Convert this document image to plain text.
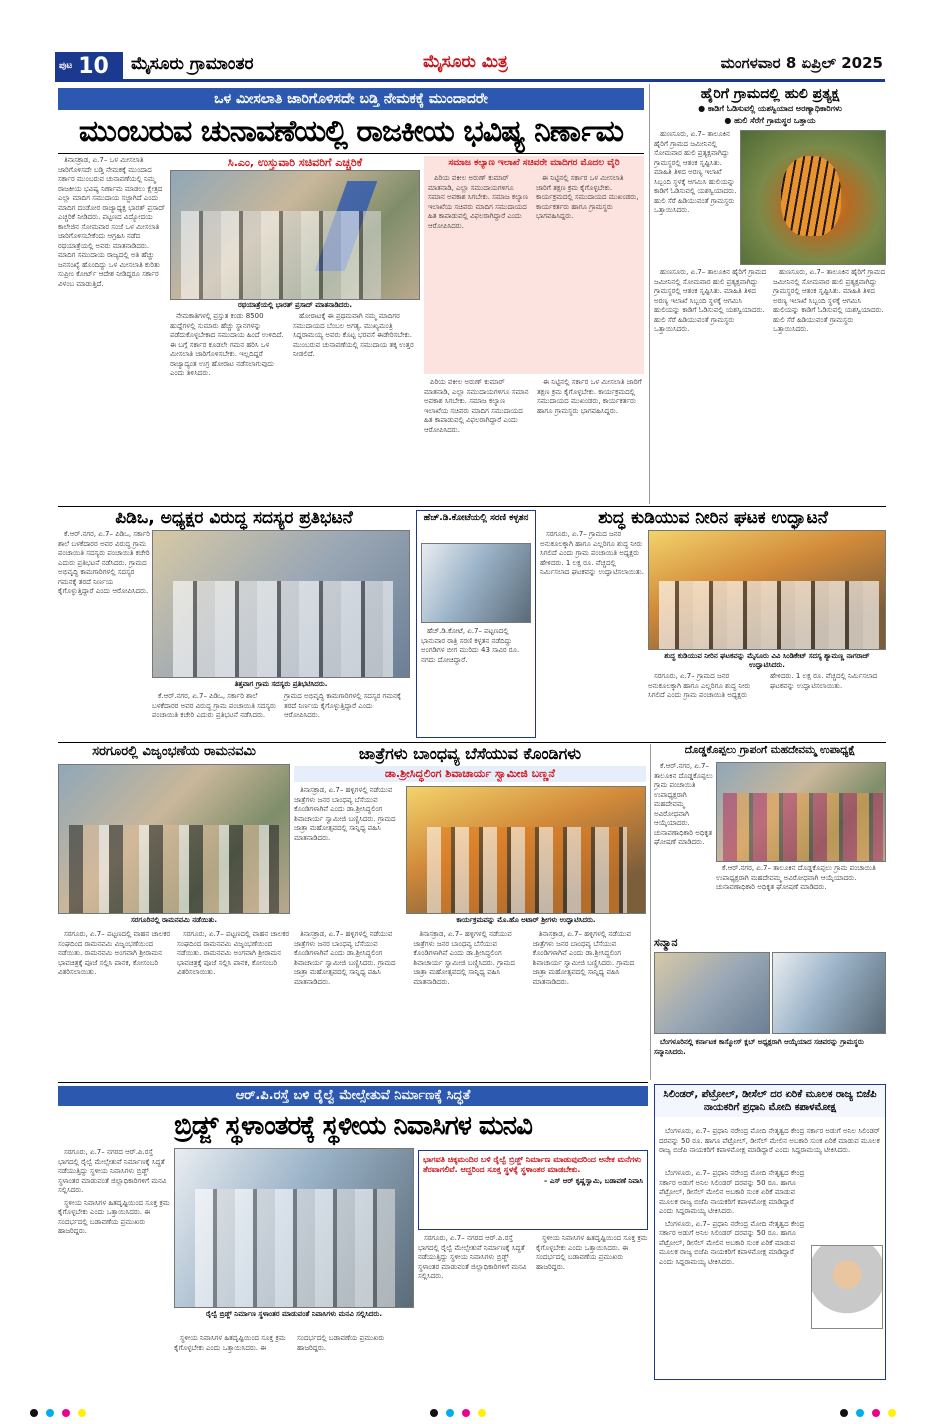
ಪುಟ 10 ಮೈಸೂರು ಗ್ರಾಮಾಂತರ	ಮೈಸೂರು ಮಿತ್ರ	ಮಂಗಳವಾರ 8 ಏಪ್ರಿಲ್ 2025
ಒಳ ಮೀಸಲಾತಿ ಜಾರಿಗೊಳಿಸದೇ ಬಡ್ತಿ ನೇಮಕಕ್ಕೆ ಮುಂದಾದರೇ
ಮುಂಬರುವ ಚುನಾವಣೆಯಲ್ಲಿ ರಾಜಕೀಯ ಭವಿಷ್ಯ ನಿರ್ಣಾಮ

ತಿನಾಸಕ್ರಾಡ, ಏ.7– ಒಳ ಮೀಸಲಾತಿ ಜಾರಿಗೊಳಿಸದೇ ಬಡ್ತಿ ನೇಮಕಕ್ಕೆ ಮುಂದಾದ ಸರ್ಕಾರ ಮುಂಬರುವ ಚುನಾವಣೆಯಲ್ಲಿ ನಿಮ್ಮ ರಾಜಕೀಯ ಭವಿಷ್ಯ ನಿರ್ಣಾಮ ಮಾಡಲು ಕ್ಷೇತ್ರದ ಎಲ್ಲಾ ಮಾದಿಗ ಸಮುದಾಯ ಸಜ್ಜಾಗಿದೆ ಎಂದು ಮಾದಿಗ ದಂಡೋರ ರಾಜ್ಯಾಧ್ಯಕ್ಷ ಭಾರತ್ ಪ್ರಸಾದ್ ಎಚ್ಚರಿಕೆ ನೀಡಿದರು. ಪಟ್ಟಣದ ವಿದ್ಯೋದಯ ಕಾಲೇಜಿನ ಸೋಮವಾರ ಸಂಜೆ ಒಳ ಮೀಸಲಾತಿ ಜಾರಿಗೊಳಿಸಬೇಕೆಂದು ಆಗ್ರಹಿಸಿ ನಡೆದ ರಥಯಾತ್ರೆಯಲ್ಲಿ ಅವರು ಮಾತನಾಡಿದರು. ಮಾದಿಗ ಸಮುದಾಯ ರಾಜ್ಯದಲ್ಲಿ ಅತಿ ಹೆಚ್ಚು ಜನಸಂಖ್ಯೆ ಹೊಂದಿದ್ದು ಒಳ ಮೀಸಲಾತಿ ಕುರಿತು ಸುಪ್ರೀಂ ಕೋರ್ಟ್ ಆದೇಶ ನೀಡಿದ್ದರೂ ಸರ್ಕಾರ ವಿಳಂಬ ಮಾಡುತ್ತಿದೆ.

ಸಿ.ಎಂ, ಉಸ್ತುವಾರಿ ಸಚಿವರಿಗೆ ಎಚ್ಚರಿಕೆ
ರಥಯಾತ್ರೆಯಲ್ಲಿ ಭಾರತ್ ಪ್ರಸಾದ್ ಮಾತನಾಡಿದರು.

ನೇಮಕಾತಿಗಳಲ್ಲಿ ಪ್ರಸ್ತುತ ಕಂಡು 8500 ಹುದ್ದೆಗಳಲ್ಲಿ ಸುಮಾರು ಹೆಚ್ಚು ಸ್ಥಾನಗಳನ್ನು ಪಡೆದುಕೊಳ್ಳಬೇಕಾದ ಸಮುದಾಯ ಹಿಂದೆ ಉಳಿದಿದೆ. ಈ ಬಗ್ಗೆ ಸರ್ಕಾರ ಕೂಡಲೇ ಗಮನ ಹರಿಸಿ ಒಳ ಮೀಸಲಾತಿ ಜಾರಿಗೊಳಿಸಬೇಕು. ಇಲ್ಲದಿದ್ದರೆ ರಾಜ್ಯಾದ್ಯಂತ ಉಗ್ರ ಹೋರಾಟ ನಡೆಸಲಾಗುವುದು ಎಂದು ತಿಳಿಸಿದರು.

ಹೋರಾಟಕ್ಕೆ ಈ ಪ್ರಥಮವಾಗಿ ನಮ್ಮ ಮಾದಿಗರ ಸಮುದಾಯದ ಬೆಂಬಲ ಅಗತ್ಯ. ಮುಖ್ಯಮಂತ್ರಿ ಸಿದ್ದರಾಮಯ್ಯ ಅವರು ಕೊಟ್ಟ ಭರವಸೆ ಈಡೇರಿಸಬೇಕು. ಮುಂಬರುವ ಚುನಾವಣೆಯಲ್ಲಿ ಸಮುದಾಯ ತಕ್ಕ ಉತ್ತರ ನೀಡಲಿದೆ.

ಸಮಾಜ ಕಲ್ಯಾಣ ಇಲಾಖೆ ಸಚಿವರೇ ಮಾದಿಗರ ಮೊದಲ ವೈರಿ

ಪಿರಿಯ ವಕೀಲ ಅರುಣ್ ಕುಮಾರ್ ಮಾತನಾಡಿ, ಎಲ್ಲಾ ಸಮುದಾಯಗಳಿಗೂ ಸಮಾನ ಅವಕಾಶ ಸಿಗಬೇಕು. ಸಮಾಜ ಕಲ್ಯಾಣ ಇಲಾಖೆಯ ಸಚಿವರು ಮಾದಿಗ ಸಮುದಾಯದ ಹಿತ ಕಾಪಾಡುವಲ್ಲಿ ವಿಫಲರಾಗಿದ್ದಾರೆ ಎಂದು ಆರೋಪಿಸಿದರು.

ಈ ನಿಟ್ಟಿನಲ್ಲಿ ಸರ್ಕಾರ ಒಳ ಮೀಸಲಾತಿ ಜಾರಿಗೆ ತಕ್ಷಣ ಕ್ರಮ ಕೈಗೊಳ್ಳಬೇಕು. ಕಾರ್ಯಕ್ರಮದಲ್ಲಿ ಸಮುದಾಯದ ಮುಖಂಡರು, ಕಾರ್ಯಕರ್ತರು ಹಾಗೂ ಗ್ರಾಮಸ್ಥರು ಭಾಗವಹಿಸಿದ್ದರು.

ಪಿರಿಯ ವಕೀಲ ಅರುಣ್ ಕುಮಾರ್ ಮಾತನಾಡಿ, ಎಲ್ಲಾ ಸಮುದಾಯಗಳಿಗೂ ಸಮಾನ ಅವಕಾಶ ಸಿಗಬೇಕು. ಸಮಾಜ ಕಲ್ಯಾಣ ಇಲಾಖೆಯ ಸಚಿವರು ಮಾದಿಗ ಸಮುದಾಯದ ಹಿತ ಕಾಪಾಡುವಲ್ಲಿ ವಿಫಲರಾಗಿದ್ದಾರೆ ಎಂದು ಆರೋಪಿಸಿದರು.

ಈ ನಿಟ್ಟಿನಲ್ಲಿ ಸರ್ಕಾರ ಒಳ ಮೀಸಲಾತಿ ಜಾರಿಗೆ ತಕ್ಷಣ ಕ್ರಮ ಕೈಗೊಳ್ಳಬೇಕು. ಕಾರ್ಯಕ್ರಮದಲ್ಲಿ ಸಮುದಾಯದ ಮುಖಂಡರು, ಕಾರ್ಯಕರ್ತರು ಹಾಗೂ ಗ್ರಾಮಸ್ಥರು ಭಾಗವಹಿಸಿದ್ದರು.

ಹೈರಿಗೆ ಗ್ರಾಮದಲ್ಲಿ ಹುಲಿ ಪ್ರತ್ಯಕ್ಷ
● ಕಾಡಿಗೆ ಓಡಿಸುವಲ್ಲಿ ಯಶಸ್ವಿಯಾದ ಅರಣ್ಯಾಧಿಕಾರಿಗಳು
● ಹುಲಿ ಸೆರೆಗೆ ಗ್ರಾಮಸ್ಥರ ಒತ್ತಾಯ

ಹುಣಸೂರು, ಏ.7– ತಾಲೂಕಿನ ಹೈರಿಗೆ ಗ್ರಾಮದ ಜಮೀನಿನಲ್ಲಿ ಸೋಮವಾರ ಹುಲಿ ಪ್ರತ್ಯಕ್ಷವಾಗಿದ್ದು ಗ್ರಾಮಸ್ಥರಲ್ಲಿ ಆತಂಕ ಸೃಷ್ಟಿಸಿತು. ಮಾಹಿತಿ ತಿಳಿದ ಅರಣ್ಯ ಇಲಾಖೆ ಸಿಬ್ಬಂದಿ ಸ್ಥಳಕ್ಕೆ ಆಗಮಿಸಿ ಹುಲಿಯನ್ನು ಕಾಡಿಗೆ ಓಡಿಸುವಲ್ಲಿ ಯಶಸ್ವಿಯಾದರು. ಹುಲಿ ಸೆರೆ ಹಿಡಿಯುವಂತೆ ಗ್ರಾಮಸ್ಥರು ಒತ್ತಾಯಿಸಿದರು.

ಹುಣಸೂರು, ಏ.7– ತಾಲೂಕಿನ ಹೈರಿಗೆ ಗ್ರಾಮದ ಜಮೀನಿನಲ್ಲಿ ಸೋಮವಾರ ಹುಲಿ ಪ್ರತ್ಯಕ್ಷವಾಗಿದ್ದು ಗ್ರಾಮಸ್ಥರಲ್ಲಿ ಆತಂಕ ಸೃಷ್ಟಿಸಿತು. ಮಾಹಿತಿ ತಿಳಿದ ಅರಣ್ಯ ಇಲಾಖೆ ಸಿಬ್ಬಂದಿ ಸ್ಥಳಕ್ಕೆ ಆಗಮಿಸಿ ಹುಲಿಯನ್ನು ಕಾಡಿಗೆ ಓಡಿಸುವಲ್ಲಿ ಯಶಸ್ವಿಯಾದರು. ಹುಲಿ ಸೆರೆ ಹಿಡಿಯುವಂತೆ ಗ್ರಾಮಸ್ಥರು ಒತ್ತಾಯಿಸಿದರು.

ಹುಣಸೂರು, ಏ.7– ತಾಲೂಕಿನ ಹೈರಿಗೆ ಗ್ರಾಮದ ಜಮೀನಿನಲ್ಲಿ ಸೋಮವಾರ ಹುಲಿ ಪ್ರತ್ಯಕ್ಷವಾಗಿದ್ದು ಗ್ರಾಮಸ್ಥರಲ್ಲಿ ಆತಂಕ ಸೃಷ್ಟಿಸಿತು. ಮಾಹಿತಿ ತಿಳಿದ ಅರಣ್ಯ ಇಲಾಖೆ ಸಿಬ್ಬಂದಿ ಸ್ಥಳಕ್ಕೆ ಆಗಮಿಸಿ ಹುಲಿಯನ್ನು ಕಾಡಿಗೆ ಓಡಿಸುವಲ್ಲಿ ಯಶಸ್ವಿಯಾದರು. ಹುಲಿ ಸೆರೆ ಹಿಡಿಯುವಂತೆ ಗ್ರಾಮಸ್ಥರು ಒತ್ತಾಯಿಸಿದರು.

ಪಿಡಿಒ, ಅಧ್ಯಕ್ಷರ ವಿರುದ್ಧ ಸದಸ್ಯರ ಪ್ರತಿಭಟನೆ

ಕೆ.ಆರ್.ನಗರ, ಏ.7– ಪಿಡಿಒ, ಸರ್ಕಾರಿ ಶಾಲೆ ಬಳಕೆದಾರರ ಅವರ ವಿರುದ್ಧ ಗ್ರಾಮ ಪಂಚಾಯಿತಿ ಸದಸ್ಯರು ಪಂಚಾಯಿತಿ ಕಚೇರಿ ಎದುರು ಪ್ರತಿಭಟನೆ ನಡೆಸಿದರು. ಗ್ರಾಮದ ಅಭಿವೃದ್ಧಿ ಕಾಮಗಾರಿಗಳಲ್ಲಿ ಸದಸ್ಯರ ಗಮನಕ್ಕೆ ತರದೆ ನಿರ್ಣಯ ಕೈಗೊಳ್ಳುತ್ತಿದ್ದಾರೆ ಎಂದು ಆರೋಪಿಸಿದರು.

ತಿತ್ತವಾಗ ಗ್ರಾಮ ಸದಸ್ಯರು ಪ್ರತಿಭಟಿಸಿದರು.

ಕೆ.ಆರ್.ನಗರ, ಏ.7– ಪಿಡಿಒ, ಸರ್ಕಾರಿ ಶಾಲೆ ಬಳಕೆದಾರರ ಅವರ ವಿರುದ್ಧ ಗ್ರಾಮ ಪಂಚಾಯಿತಿ ಸದಸ್ಯರು ಪಂಚಾಯಿತಿ ಕಚೇರಿ ಎದುರು ಪ್ರತಿಭಟನೆ ನಡೆಸಿದರು. ಗ್ರಾಮದ ಅಭಿವೃದ್ಧಿ ಕಾಮಗಾರಿಗಳಲ್ಲಿ ಸದಸ್ಯರ ಗಮನಕ್ಕೆ ತರದೆ ನಿರ್ಣಯ ಕೈಗೊಳ್ಳುತ್ತಿದ್ದಾರೆ ಎಂದು ಆರೋಪಿಸಿದರು.

ಹೆಚ್.ಡಿ.ಕೋಟೆಯಲ್ಲಿ ಸರಣಿ ಕಳ್ಳತನ

ಹೆಚ್.ಡಿ.ಕೋಟೆ, ಏ.7– ಪಟ್ಟಣದಲ್ಲಿ ಭಾನುವಾರ ರಾತ್ರಿ ಸರಣಿ ಕಳ್ಳತನ ನಡೆದಿದ್ದು ಅಂಗಡಿಗಳ ಬೀಗ ಮುರಿದು 43 ಸಾವಿರ ರೂ. ನಗದು ದೋಚಿದ್ದಾರೆ.

ಶುದ್ಧ ಕುಡಿಯುವ ನೀರಿನ ಘಟಕ ಉದ್ಘಾಟನೆ

ಸರಗೂರು, ಏ.7– ಗ್ರಾಮದ ಜನರ ಅನುಕೂಲಕ್ಕಾಗಿ ಹಾಗೂ ಎಲ್ಲರಿಗೂ ಶುದ್ಧ ನೀರು ಸಿಗಲಿದೆ ಎಂದು ಗ್ರಾಮ ಪಂಚಾಯಿತಿ ಅಧ್ಯಕ್ಷರು ಹೇಳಿದರು. 1 ಲಕ್ಷ ರೂ. ವೆಚ್ಚದಲ್ಲಿ ನಿರ್ಮಿಸಲಾದ ಘಟಕವನ್ನು ಉದ್ಘಾಟಿಸಲಾಯಿತು.

ಶುದ್ಧ ಕುಡಿಯುವ ನೀರಿನ ಘಟಕವನ್ನು ಮೈಸೂರು ವಿವಿ ಸಿಂಡಿಕೇಟ್ ಸದಸ್ಯ ಶ್ಯಾಮಣ್ಣ ನಾಗರಾಜ್ ಉದ್ಘಾಟಿಸಿದರು.

ಸರಗೂರು, ಏ.7– ಗ್ರಾಮದ ಜನರ ಅನುಕೂಲಕ್ಕಾಗಿ ಹಾಗೂ ಎಲ್ಲರಿಗೂ ಶುದ್ಧ ನೀರು ಸಿಗಲಿದೆ ಎಂದು ಗ್ರಾಮ ಪಂಚಾಯಿತಿ ಅಧ್ಯಕ್ಷರು ಹೇಳಿದರು. 1 ಲಕ್ಷ ರೂ. ವೆಚ್ಚದಲ್ಲಿ ನಿರ್ಮಿಸಲಾದ ಘಟಕವನ್ನು ಉದ್ಘಾಟಿಸಲಾಯಿತು.

ಸರಗೂರಲ್ಲಿ ವಿಜೃಂಭಣೆಯ ರಾಮನವಮಿ
ಸರಗೂರಿನಲ್ಲಿ ರಾಮನವಮಿ ನಡೆಯಿತು.

ಸರಗೂರು, ಏ.7– ಪಟ್ಟಣದಲ್ಲಿ ವಾಹನ ಚಾಲಕರ ಸಂಘದಿಂದ ರಾಮನವಮಿ ವಿಜೃಂಭಣೆಯಿಂದ ನಡೆಯಿತು. ರಾಮನವಮಿ ಅಂಗವಾಗಿ ಶ್ರೀರಾಮನ ಭಾವಚಿತ್ರಕ್ಕೆ ಪೂಜೆ ಸಲ್ಲಿಸಿ ಪಾನಕ, ಕೋಸಂಬರಿ ವಿತರಿಸಲಾಯಿತು.

ಸರಗೂರು, ಏ.7– ಪಟ್ಟಣದಲ್ಲಿ ವಾಹನ ಚಾಲಕರ ಸಂಘದಿಂದ ರಾಮನವಮಿ ವಿಜೃಂಭಣೆಯಿಂದ ನಡೆಯಿತು. ರಾಮನವಮಿ ಅಂಗವಾಗಿ ಶ್ರೀರಾಮನ ಭಾವಚಿತ್ರಕ್ಕೆ ಪೂಜೆ ಸಲ್ಲಿಸಿ ಪಾನಕ, ಕೋಸಂಬರಿ ವಿತರಿಸಲಾಯಿತು.

ಜಾತ್ರೆಗಳು ಬಾಂಧವ್ಯ ಬೆಸೆಯುವ ಕೊಂಡಿಗಳು
ಡಾ.ಶ್ರೀಸಿದ್ಧಲಿಂಗ ಶಿವಾಚಾರ್ಯ ಸ್ವಾಮೀಜಿ ಬಣ್ಣನೆ

ತಿನಾಸಕ್ರಾಡ, ಏ.7– ಹಳ್ಳಿಗಳಲ್ಲಿ ನಡೆಯುವ ಜಾತ್ರೆಗಳು ಜನರ ಬಾಂಧವ್ಯ ಬೆಸೆಯುವ ಕೊಂಡಿಗಳಾಗಿವೆ ಎಂದು ಡಾ.ಶ್ರೀಸಿದ್ಧಲಿಂಗ ಶಿವಾಚಾರ್ಯ ಸ್ವಾಮೀಜಿ ಬಣ್ಣಿಸಿದರು. ಗ್ರಾಮದ ಜಾತ್ರಾ ಮಹೋತ್ಸವದಲ್ಲಿ ಸಾನ್ನಿಧ್ಯ ವಹಿಸಿ ಮಾತನಾಡಿದರು.

ಕಾರ್ಯಕ್ರಮವನ್ನು ಮೊ.ಹೊ ಅಟಾರ್ ಶ್ರೀಗಳು ಉದ್ಘಾಟಿಸಿದರು.

ತಿನಾಸಕ್ರಾಡ, ಏ.7– ಹಳ್ಳಿಗಳಲ್ಲಿ ನಡೆಯುವ ಜಾತ್ರೆಗಳು ಜನರ ಬಾಂಧವ್ಯ ಬೆಸೆಯುವ ಕೊಂಡಿಗಳಾಗಿವೆ ಎಂದು ಡಾ.ಶ್ರೀಸಿದ್ಧಲಿಂಗ ಶಿವಾಚಾರ್ಯ ಸ್ವಾಮೀಜಿ ಬಣ್ಣಿಸಿದರು. ಗ್ರಾಮದ ಜಾತ್ರಾ ಮಹೋತ್ಸವದಲ್ಲಿ ಸಾನ್ನಿಧ್ಯ ವಹಿಸಿ ಮಾತನಾಡಿದರು.

ತಿನಾಸಕ್ರಾಡ, ಏ.7– ಹಳ್ಳಿಗಳಲ್ಲಿ ನಡೆಯುವ ಜಾತ್ರೆಗಳು ಜನರ ಬಾಂಧವ್ಯ ಬೆಸೆಯುವ ಕೊಂಡಿಗಳಾಗಿವೆ ಎಂದು ಡಾ.ಶ್ರೀಸಿದ್ಧಲಿಂಗ ಶಿವಾಚಾರ್ಯ ಸ್ವಾಮೀಜಿ ಬಣ್ಣಿಸಿದರು. ಗ್ರಾಮದ ಜಾತ್ರಾ ಮಹೋತ್ಸವದಲ್ಲಿ ಸಾನ್ನಿಧ್ಯ ವಹಿಸಿ ಮಾತನಾಡಿದರು.

ತಿನಾಸಕ್ರಾಡ, ಏ.7– ಹಳ್ಳಿಗಳಲ್ಲಿ ನಡೆಯುವ ಜಾತ್ರೆಗಳು ಜನರ ಬಾಂಧವ್ಯ ಬೆಸೆಯುವ ಕೊಂಡಿಗಳಾಗಿವೆ ಎಂದು ಡಾ.ಶ್ರೀಸಿದ್ಧಲಿಂಗ ಶಿವಾಚಾರ್ಯ ಸ್ವಾಮೀಜಿ ಬಣ್ಣಿಸಿದರು. ಗ್ರಾಮದ ಜಾತ್ರಾ ಮಹೋತ್ಸವದಲ್ಲಿ ಸಾನ್ನಿಧ್ಯ ವಹಿಸಿ ಮಾತನಾಡಿದರು.

ದೊಡ್ಡಕೊಪ್ಪಲು ಗ್ರಾಪಂಗೆ ಮಹದೇವಮ್ಮ ಉಪಾಧ್ಯಕ್ಷೆ

ಕೆ.ಆರ್.ನಗರ, ಏ.7– ತಾಲೂಕಿನ ದೊಡ್ಡಕೊಪ್ಪಲು ಗ್ರಾಮ ಪಂಚಾಯಿತಿ ಉಪಾಧ್ಯಕ್ಷರಾಗಿ ಮಹದೇವಮ್ಮ ಅವಿರೋಧವಾಗಿ ಆಯ್ಕೆಯಾದರು. ಚುನಾವಣಾಧಿಕಾರಿ ಅಧಿಕೃತ ಘೋಷಣೆ ಮಾಡಿದರು.

ಕೆ.ಆರ್.ನಗರ, ಏ.7– ತಾಲೂಕಿನ ದೊಡ್ಡಕೊಪ್ಪಲು ಗ್ರಾಮ ಪಂಚಾಯಿತಿ ಉಪಾಧ್ಯಕ್ಷರಾಗಿ ಮಹದೇವಮ್ಮ ಅವಿರೋಧವಾಗಿ ಆಯ್ಕೆಯಾದರು. ಚುನಾವಣಾಧಿಕಾರಿ ಅಧಿಕೃತ ಘೋಷಣೆ ಮಾಡಿದರು.

ಸನ್ಮಾನ

ಬೆಂಗಳೂರಿನಲ್ಲಿ ಕರ್ನಾಟಕ ಕಾಸ್ಮೋಸ್ ಕ್ಲಬ್ ಅಧ್ಯಕ್ಷರಾಗಿ ಆಯ್ಕೆಯಾದ ಸಚಿವರನ್ನು ಗ್ರಾಮಸ್ಥರು ಸನ್ಮಾನಿಸಿದರು.

ಆರ್.ಪಿ.ರಸ್ತೆ ಬಳಿ ರೈಲ್ವೆ ಮೇಲ್ಸೇತುವೆ ನಿರ್ಮಾಣಕ್ಕೆ ಸಿದ್ಧತೆ
ಬ್ರಿಡ್ಜ್ ಸ್ಥಳಾಂತರಕ್ಕೆ ಸ್ಥಳೀಯ ನಿವಾಸಿಗಳ ಮನವಿ

ಸರಗೂರು, ಏ.7– ನಗರದ ಆರ್.ಪಿ.ರಸ್ತೆ ಭಾಗದಲ್ಲಿ ರೈಲ್ವೆ ಮೇಲ್ಸೇತುವೆ ನಿರ್ಮಾಣಕ್ಕೆ ಸಿದ್ಧತೆ ನಡೆಯುತ್ತಿದ್ದು ಸ್ಥಳೀಯ ನಿವಾಸಿಗಳು ಬ್ರಿಡ್ಜ್ ಸ್ಥಳಾಂತರ ಮಾಡುವಂತೆ ಜಿಲ್ಲಾಧಿಕಾರಿಗಳಿಗೆ ಮನವಿ ಸಲ್ಲಿಸಿದರು.

ಸ್ಥಳೀಯ ನಿವಾಸಿಗಳ ಹಿತದೃಷ್ಟಿಯಿಂದ ಸೂಕ್ತ ಕ್ರಮ ಕೈಗೊಳ್ಳಬೇಕು ಎಂದು ಒತ್ತಾಯಿಸಿದರು. ಈ ಸಂದರ್ಭದಲ್ಲಿ ಬಡಾವಣೆಯ ಪ್ರಮುಖರು ಹಾಜರಿದ್ದರು.

ರೈಲ್ವೆ ಬ್ರಿಡ್ಜ್ ನಿರ್ಮಾಣ ಸ್ಥಳಾಂತರ ಮಾಡುವಂತೆ ನಿವಾಸಿಗಳು ಮನವಿ ಸಲ್ಲಿಸಿದರು.

ಸ್ಥಳೀಯ ನಿವಾಸಿಗಳ ಹಿತದೃಷ್ಟಿಯಿಂದ ಸೂಕ್ತ ಕ್ರಮ ಕೈಗೊಳ್ಳಬೇಕು ಎಂದು ಒತ್ತಾಯಿಸಿದರು. ಈ ಸಂದರ್ಭದಲ್ಲಿ ಬಡಾವಣೆಯ ಪ್ರಮುಖರು ಹಾಜರಿದ್ದರು.

ಭಾಗವತಿ ಚಿಕ್ಕಮಂದಿರ ಬಳಿ ರೈಲ್ವೆ ಬ್ರಿಡ್ಜ್ ನಿರ್ಮಾಣ ಮಾಡುವುದರಿಂದ ಅನೇಕ ಮನೆಗಳು ತೆರವಾಗಲಿವೆ. ಆದ್ದರಿಂದ ಸೂಕ್ತ ಸ್ಥಳಕ್ಕೆ ಸ್ಥಳಾಂತರ ಮಾಡಬೇಕು.
– ಎಸ್ ಆರ್ ಕೃಷ್ಣಸ್ವಾಮಿ, ಬಡಾವಣೆ ನಿವಾಸಿ

ಸರಗೂರು, ಏ.7– ನಗರದ ಆರ್.ಪಿ.ರಸ್ತೆ ಭಾಗದಲ್ಲಿ ರೈಲ್ವೆ ಮೇಲ್ಸೇತುವೆ ನಿರ್ಮಾಣಕ್ಕೆ ಸಿದ್ಧತೆ ನಡೆಯುತ್ತಿದ್ದು ಸ್ಥಳೀಯ ನಿವಾಸಿಗಳು ಬ್ರಿಡ್ಜ್ ಸ್ಥಳಾಂತರ ಮಾಡುವಂತೆ ಜಿಲ್ಲಾಧಿಕಾರಿಗಳಿಗೆ ಮನವಿ ಸಲ್ಲಿಸಿದರು.

ಸ್ಥಳೀಯ ನಿವಾಸಿಗಳ ಹಿತದೃಷ್ಟಿಯಿಂದ ಸೂಕ್ತ ಕ್ರಮ ಕೈಗೊಳ್ಳಬೇಕು ಎಂದು ಒತ್ತಾಯಿಸಿದರು. ಈ ಸಂದರ್ಭದಲ್ಲಿ ಬಡಾವಣೆಯ ಪ್ರಮುಖರು ಹಾಜರಿದ್ದರು.

ಸಿಲಿಂಡರ್, ಪೆಟ್ರೋಲ್, ಡೀಸೆಲ್ ದರ ಏರಿಕೆ ಮೂಲಕ ರಾಜ್ಯ ಬಿಜೆಪಿ ನಾಯಕರಿಗೆ ಪ್ರಧಾನಿ ಮೋದಿ ಕಪಾಳಮೋಕ್ಷ

ಬೆಂಗಳೂರು, ಏ.7– ಪ್ರಧಾನಿ ನರೇಂದ್ರ ಮೋದಿ ನೇತೃತ್ವದ ಕೇಂದ್ರ ಸರ್ಕಾರ ಅಡುಗೆ ಅನಿಲ ಸಿಲಿಂಡರ್ ದರವನ್ನು 50 ರೂ. ಹಾಗೂ ಪೆಟ್ರೋಲ್, ಡೀಸೆಲ್ ಮೇಲಿನ ಅಬಕಾರಿ ಸುಂಕ ಏರಿಕೆ ಮಾಡುವ ಮೂಲಕ ರಾಜ್ಯ ಬಿಜೆಪಿ ನಾಯಕರಿಗೆ ಕಪಾಳಮೋಕ್ಷ ಮಾಡಿದ್ದಾರೆ ಎಂದು ಸಿದ್ದರಾಮಯ್ಯ ಟೀಕಿಸಿದರು.

ಬೆಂಗಳೂರು, ಏ.7– ಪ್ರಧಾನಿ ನರೇಂದ್ರ ಮೋದಿ ನೇತೃತ್ವದ ಕೇಂದ್ರ ಸರ್ಕಾರ ಅಡುಗೆ ಅನಿಲ ಸಿಲಿಂಡರ್ ದರವನ್ನು 50 ರೂ. ಹಾಗೂ ಪೆಟ್ರೋಲ್, ಡೀಸೆಲ್ ಮೇಲಿನ ಅಬಕಾರಿ ಸುಂಕ ಏರಿಕೆ ಮಾಡುವ ಮೂಲಕ ರಾಜ್ಯ ಬಿಜೆಪಿ ನಾಯಕರಿಗೆ ಕಪಾಳಮೋಕ್ಷ ಮಾಡಿದ್ದಾರೆ ಎಂದು ಸಿದ್ದರಾಮಯ್ಯ ಟೀಕಿಸಿದರು.

ಬೆಂಗಳೂರು, ಏ.7– ಪ್ರಧಾನಿ ನರೇಂದ್ರ ಮೋದಿ ನೇತೃತ್ವದ ಕೇಂದ್ರ ಸರ್ಕಾರ ಅಡುಗೆ ಅನಿಲ ಸಿಲಿಂಡರ್ ದರವನ್ನು 50 ರೂ. ಹಾಗೂ ಪೆಟ್ರೋಲ್, ಡೀಸೆಲ್ ಮೇಲಿನ ಅಬಕಾರಿ ಸುಂಕ ಏರಿಕೆ ಮಾಡುವ ಮೂಲಕ ರಾಜ್ಯ ಬಿಜೆಪಿ ನಾಯಕರಿಗೆ ಕಪಾಳಮೋಕ್ಷ ಮಾಡಿದ್ದಾರೆ ಎಂದು ಸಿದ್ದರಾಮಯ್ಯ ಟೀಕಿಸಿದರು.
